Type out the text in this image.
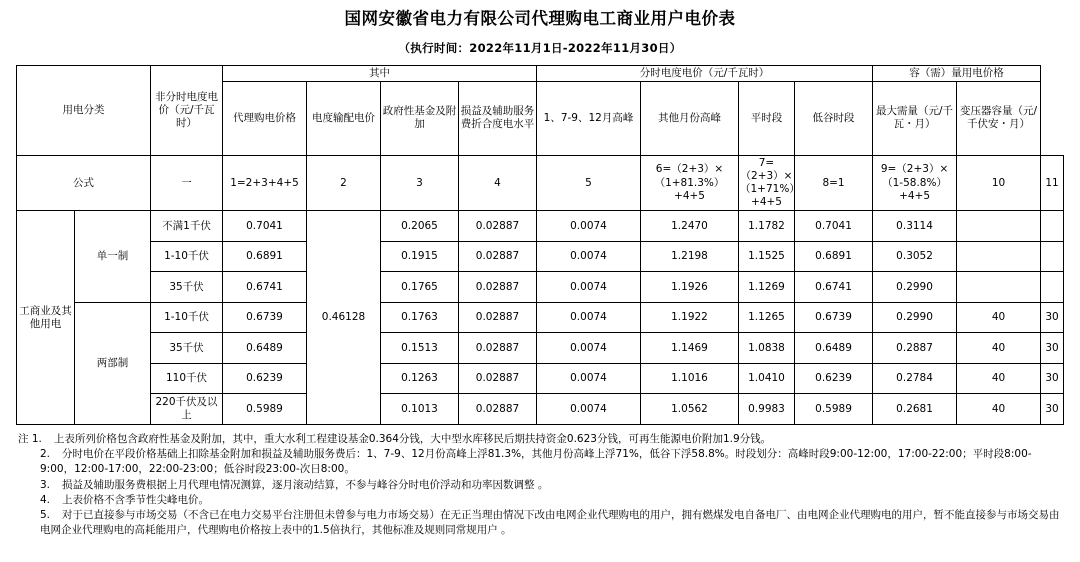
国网安徽省电力有限公司代理购电工商业用户电价表
（执行时间：2022年11月1日-2022年11月30日）
用电分类		非分时电度电价（元/千瓦时）	其中				分时电度电价（元/千瓦时）				容（需）量用电价格		
			代理购电价格	电度输配电价	政府性基金及附加	损益及辅助服务费折合度电水平	1、7-9、12月高峰	其他月份高峰	平时段	低谷时段	最大需量（元/千瓦・月）	变压器容量（元/千伏安・月）	
公式		一	1=2+3+4+5	2	3	4	5	6=（2+3）×（1+81.3%）+4+5	7=（2+3）×（1+71%）+4+5	8=1	9=（2+3）×（1-58.8%）+4+5	10	11
工商业及其他用电	单一制	不满1千伏	0.7041	0.46128	0.2065	0.02887	0.0074	1.2470	1.1782	0.7041	0.3114		
		1-10千伏	0.6891		0.1915	0.02887	0.0074	1.2198	1.1525	0.6891	0.3052		
		35千伏	0.6741		0.1765	0.02887	0.0074	1.1926	1.1269	0.6741	0.2990		
	两部制	1-10千伏	0.6739		0.1763	0.02887	0.0074	1.1922	1.1265	0.6739	0.2990	40	30
		35千伏	0.6489		0.1513	0.02887	0.0074	1.1469	1.0838	0.6489	0.2887	40	30
		110千伏	0.6239		0.1263	0.02887	0.0074	1.1016	1.0410	0.6239	0.2784	40	30
		220千伏及以上	0.5989		0.1013	0.02887	0.0074	1.0562	0.9983	0.5989	0.2681	40	30

注 1. 上表所列价格包含政府性基金及附加，其中，重大水利工程建设基金0.364分钱，大中型水库移民后期扶持资金0.623分钱，可再生能源电价附加1.9分钱。

2. 分时电价在平段价格基础上扣除基金附加和损益及辅助服务费后：1、7-9、12月份高峰上浮81.3%，其他月份高峰上浮71%，低谷下浮58.8%。时段划分：高峰时段9:00-12:00，17:00-22:00；平时段8:00-9:00，12:00-17:00，22:00-23:00；低谷时段23:00-次日8:00。

3. 损益及辅助服务费根据上月代理电情况测算，逐月滚动结算，不参与峰谷分时电价浮动和功率因数调整 。

4. 上表价格不含季节性尖峰电价。

5. 对于已直接参与市场交易（不含已在电力交易平台注册但未曾参与电力市场交易）在无正当理由情况下改由电网企业代理购电的用户，拥有燃煤发电自备电厂、由电网企业代理购电的用户，暂不能直接参与市场交易由电网企业代理购电的高耗能用户，代理购电价格按上表中的1.5倍执行，其他标准及规则同常规用户 。
